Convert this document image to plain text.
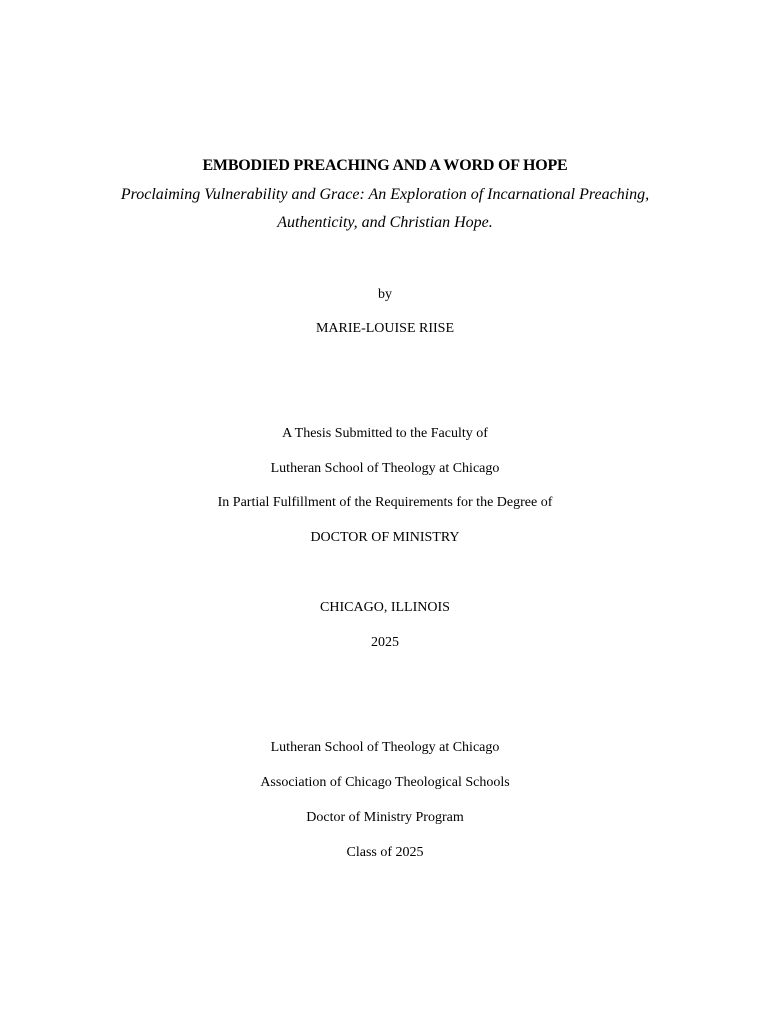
EMBODIED PREACHING AND A WORD OF HOPE
Proclaiming Vulnerability and Grace: An Exploration of Incarnational Preaching,
Authenticity, and Christian Hope.
by
MARIE-LOUISE RIISE
A Thesis Submitted to the Faculty of
Lutheran School of Theology at Chicago
In Partial Fulfillment of the Requirements for the Degree of
DOCTOR OF MINISTRY
CHICAGO, ILLINOIS
2025
Lutheran School of Theology at Chicago
Association of Chicago Theological Schools
Doctor of Ministry Program
Class of 2025
